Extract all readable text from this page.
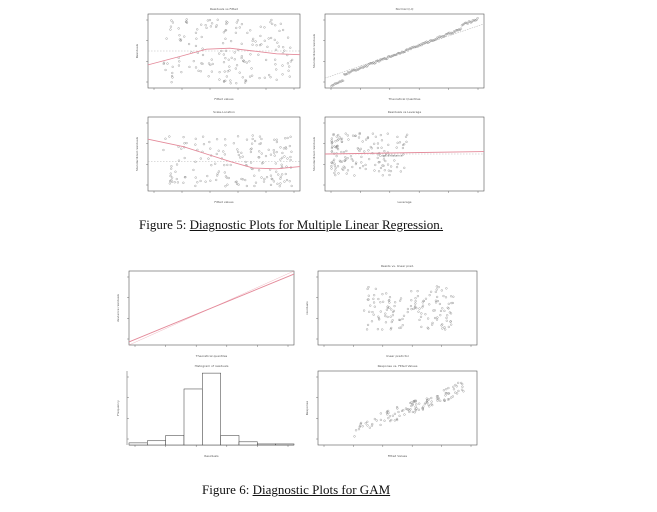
Residuals vs Fitted
Fitted values
Residuals
Normal Q-Q
Theoretical Quantiles
Standardized residuals
Scale-Location
Fitted values
Standardized residuals
Residuals vs Leverage
Leverage
Standardized residuals	Cook's distance
Figure 5: Diagnostic Plots for Multiple Linear Regression.
Theoretical quantiles
deviance residuals
Resids vs. linear pred.
linear predictor
residuals
Histogram of residuals
Residuals
Frequency
Response vs. Fitted Values
Fitted Values
Response
Figure 6: Diagnostic Plots for GAM
